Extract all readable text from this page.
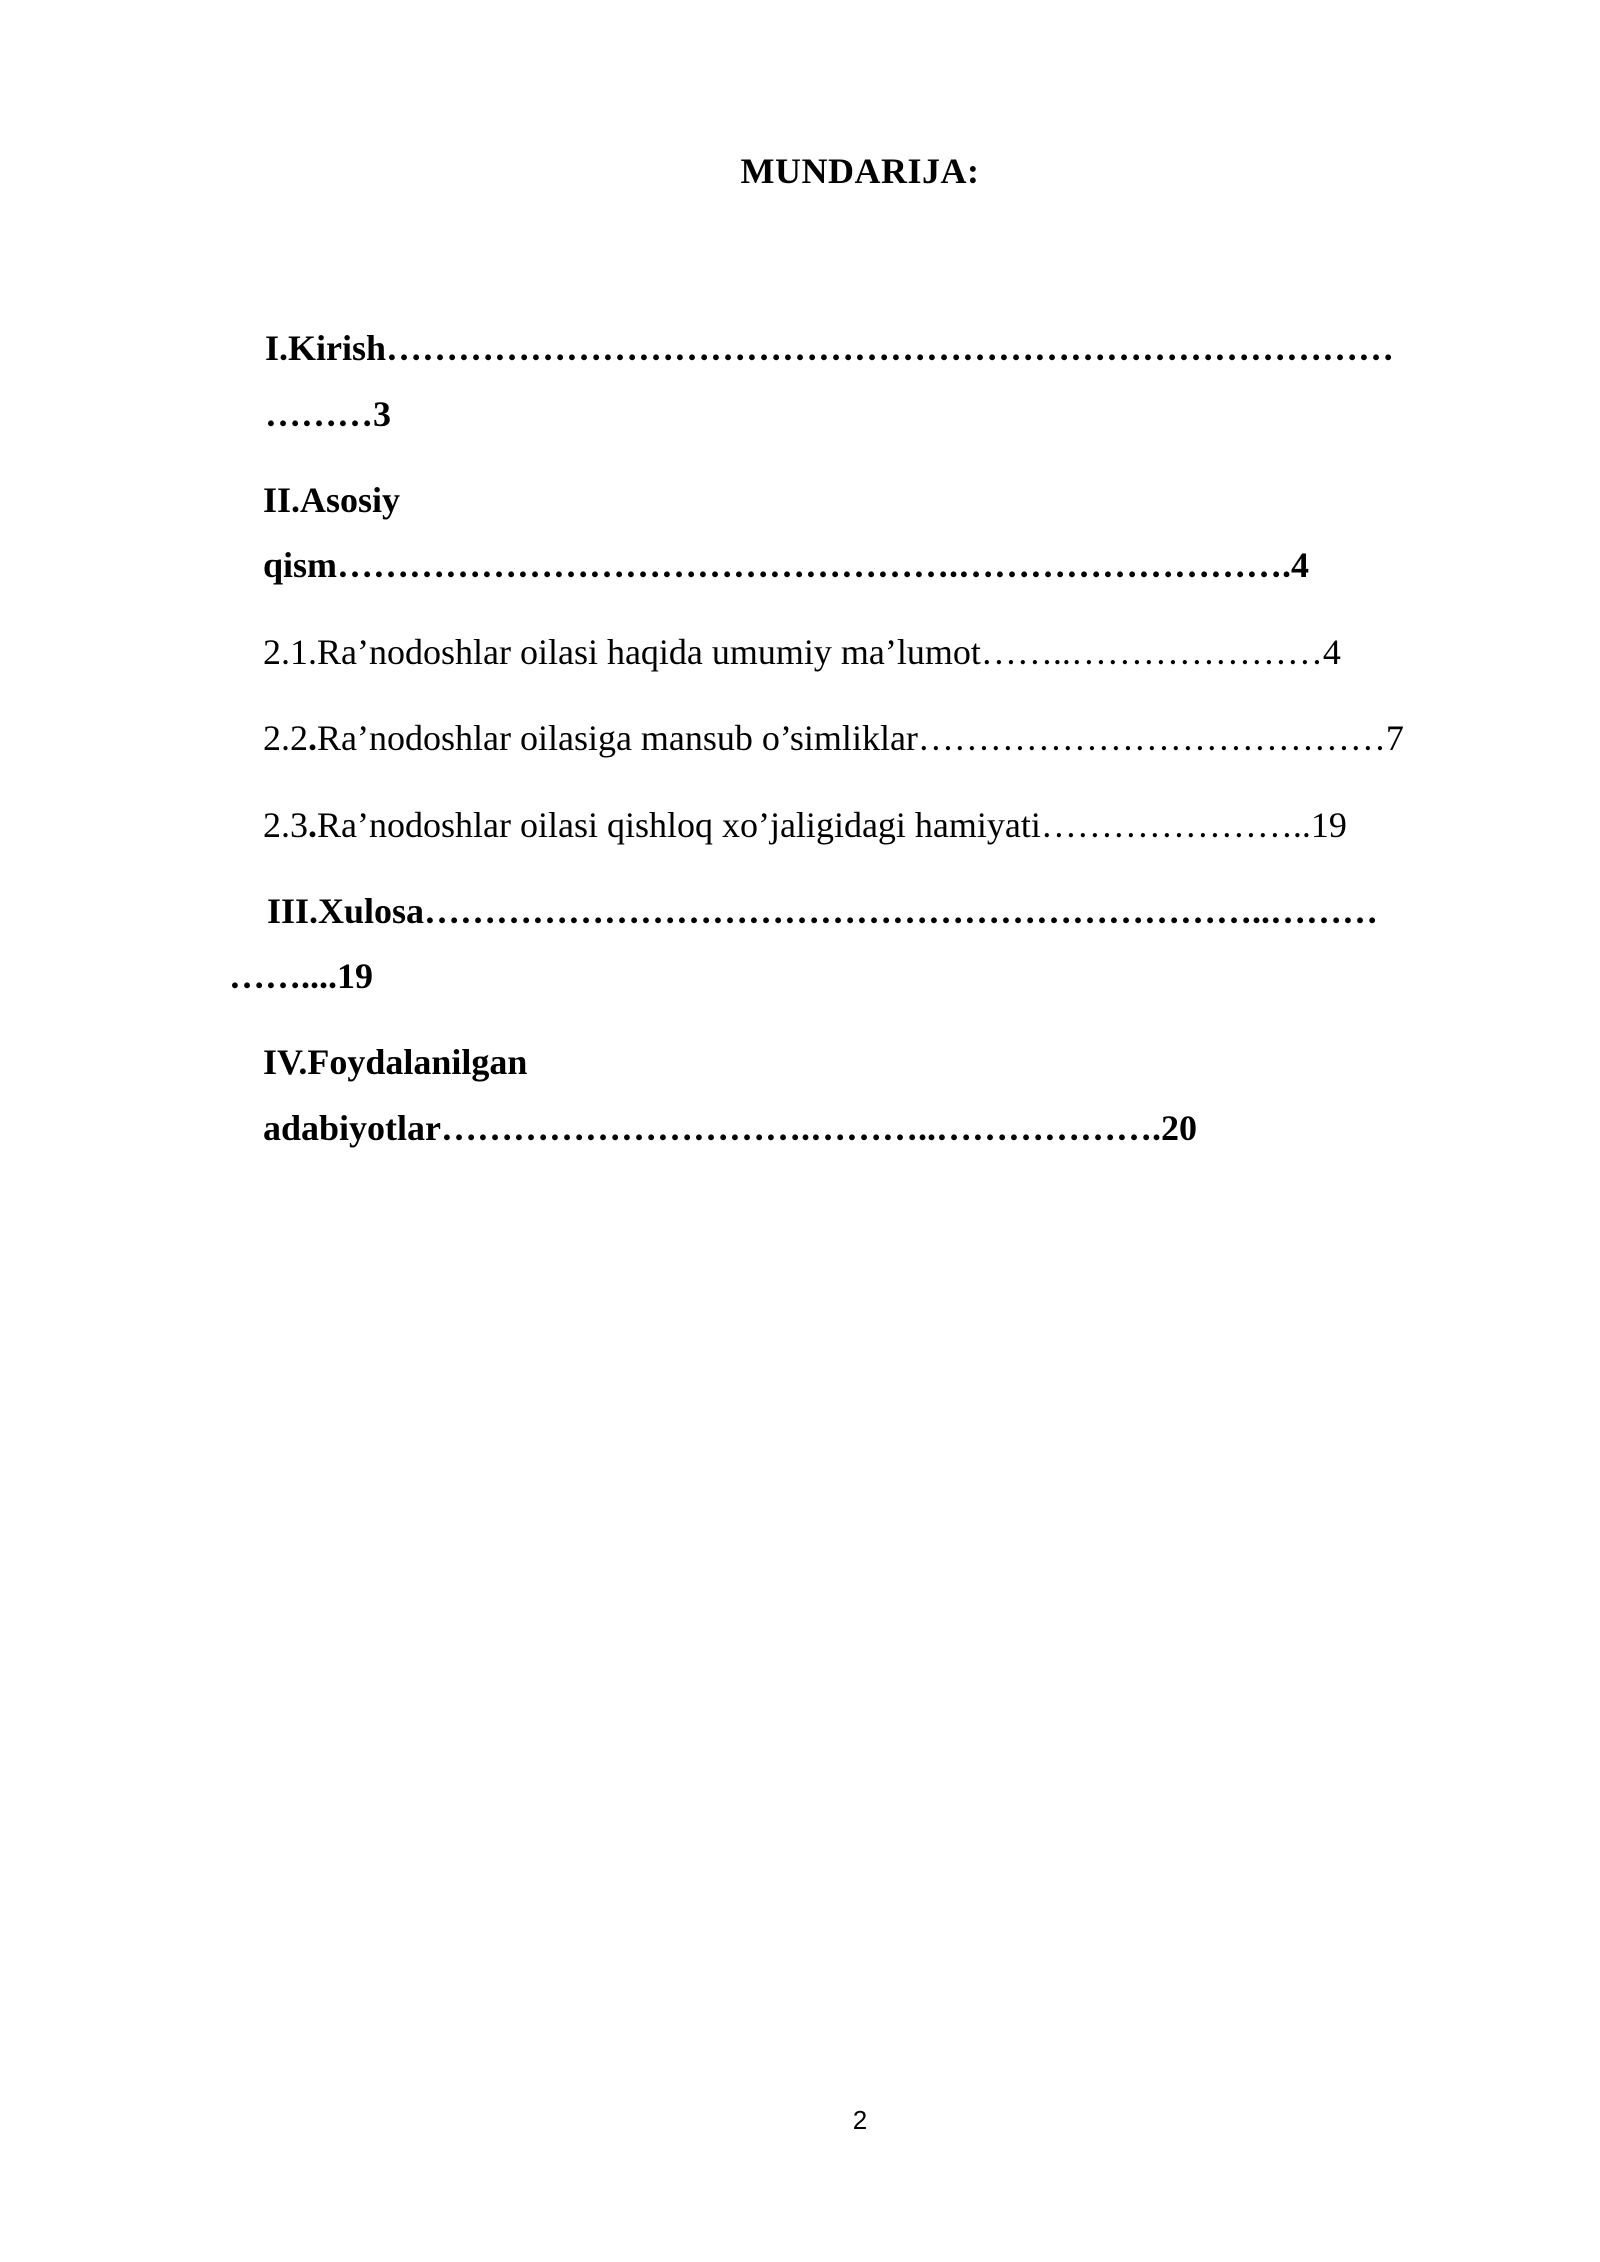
MUNDARIJA:
I.Kirish…………………………………………………………………………
………3
II.Asosiy
qism…………………………………………….……………………….4
2.1.Ra’nodoshlar oilasi haqida umumiy ma’lumot……..…………………4
2.2.Ra’nodoshlar oilasiga mansub o’simliklar…………………………………7
2.3.Ra’nodoshlar oilasi qishloq xo’jaligidagi hamiyati…………………..19
III.Xulosa……………………………………………………………..………
……....19
IV.Foydalanilgan
adabiyotlar………………………….………..……………….20
2
